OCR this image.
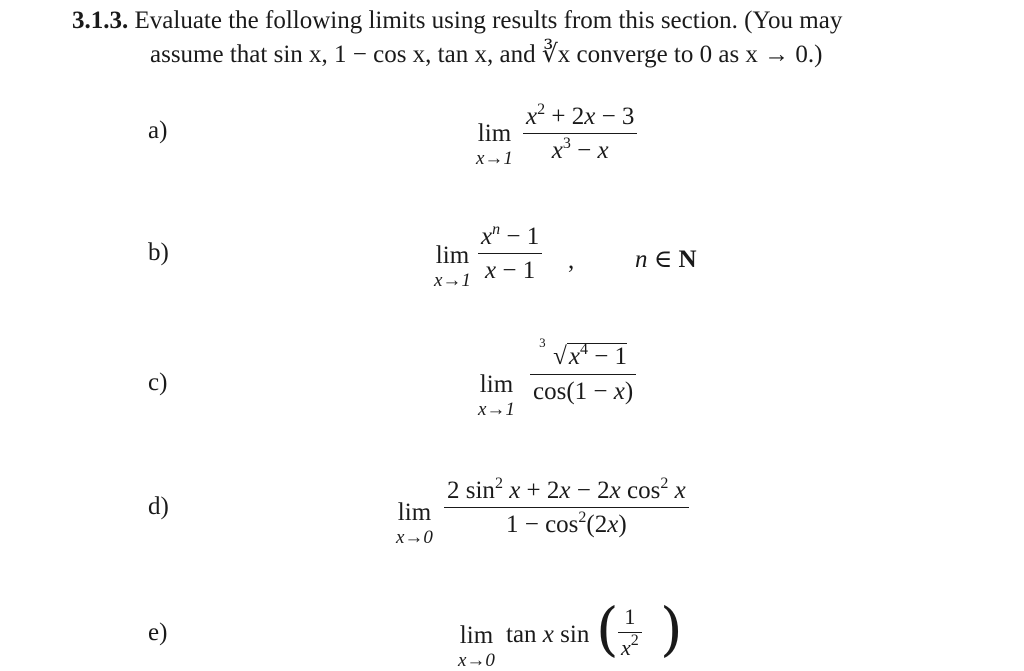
3.1.3. Evaluate the following limits using results from this section. (You may
assume that sin x, 1 − cos x, tan x, and ∛x converge to 0 as x → 0.)
a)	lim
x→1
$x^2 + 2x - 3$
$x^3 - x$
b)	lim
x→1
$x^n - 1$
x − 1 , n ∈ N
c)	lim
x→1
3
$√x^4 - 1$
cos(1 − x)
d)	lim
x→0
2 $\sin^2 x + 2x - 2x$ $\cos^2 x$
$1 - \cos^2(2x)$
e)	lim
x→0
tan x sin ( 1
$x^2$ )
